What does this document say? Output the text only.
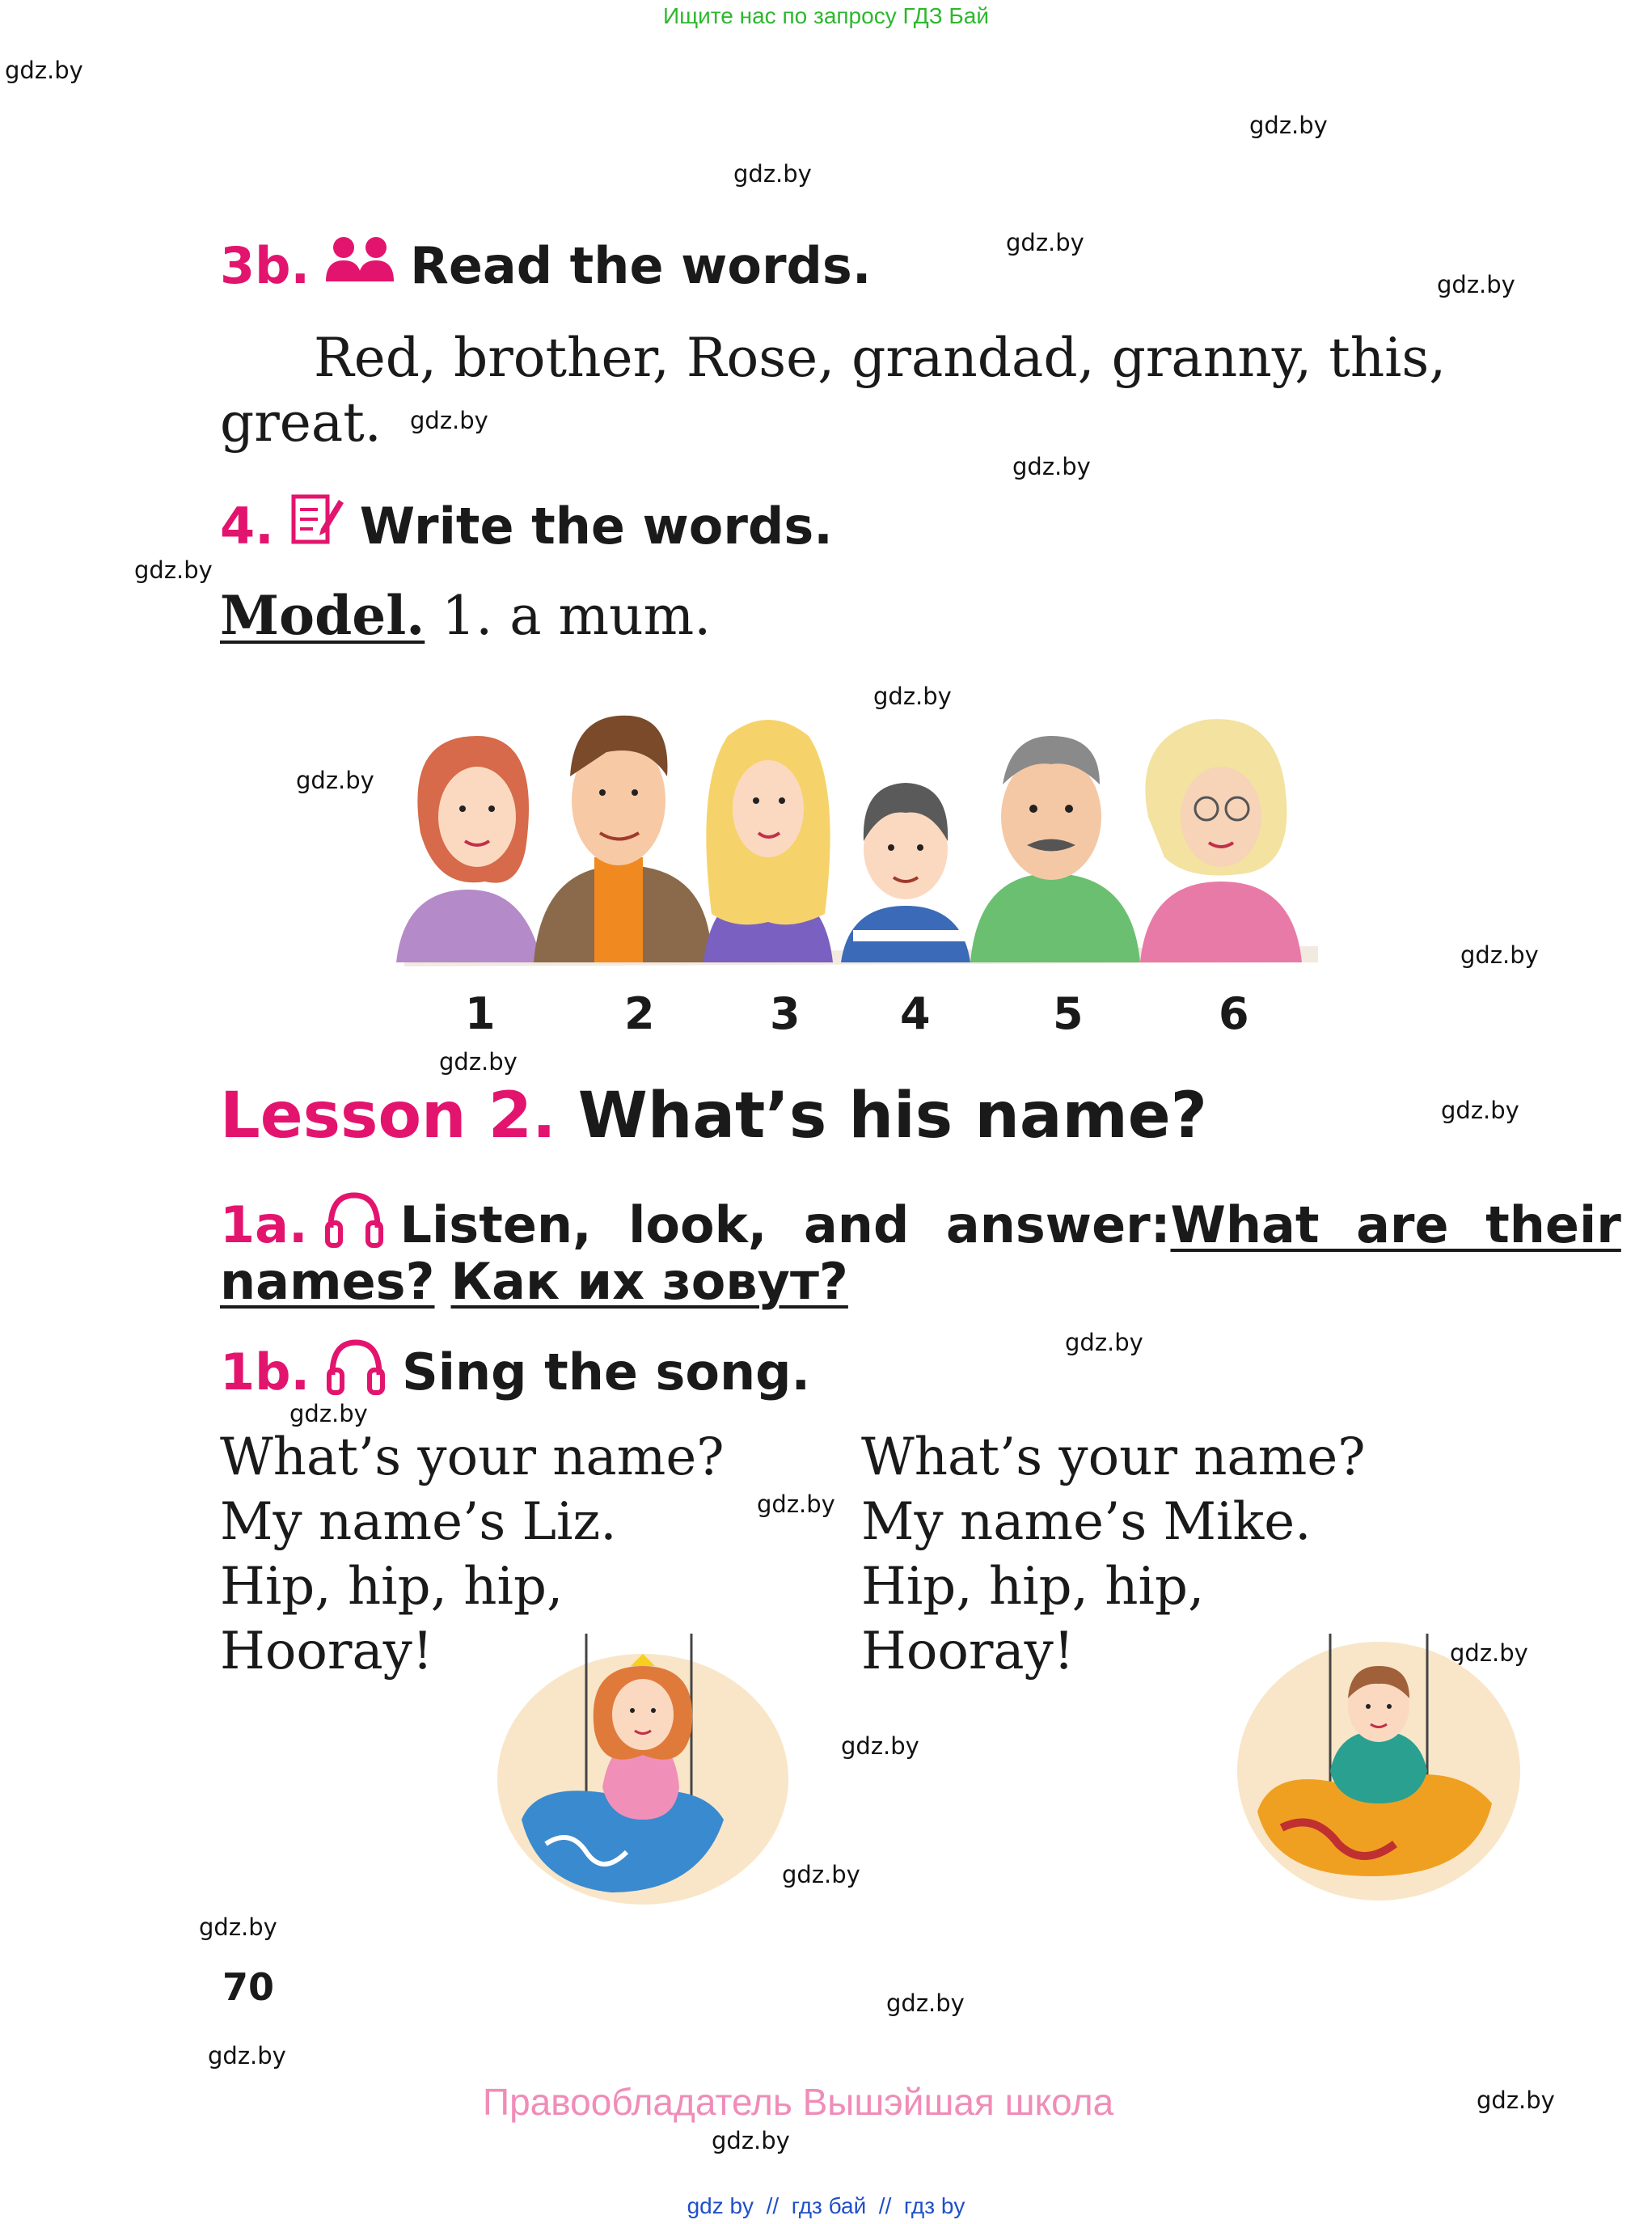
Ищите нас по запросу ГДЗ Бай
gdz.by
gdz.by
gdz.by
gdz.by
gdz.by
gdz.by
gdz.by
gdz.by
gdz.by
gdz.by
gdz.by
gdz.by
gdz.by
gdz.by
gdz.by
gdz.by
gdz.by
gdz.by
gdz.by
gdz.by
gdz.by
gdz.by
gdz.by
gdz.by
3b. Read the words.
Red, brother, Rose, grandad, granny, this,
great.
4. Write the words.
Model. 1. a mum.
1	2	3 4	5	6
Lesson 2. What’s his name?
1a. Listen, look, and answer: What are their
names? Как их зовут?
1b. Sing the song.
What’s your name?
My name’s Liz.
Hip, hip, hip,
Hooray!
What’s your name?
My name’s Mike.
Hip, hip, hip,
Hooray!
70
Правообладатель Вышэйшая школа
gdz by  //  гдз бай  //  гдз by
